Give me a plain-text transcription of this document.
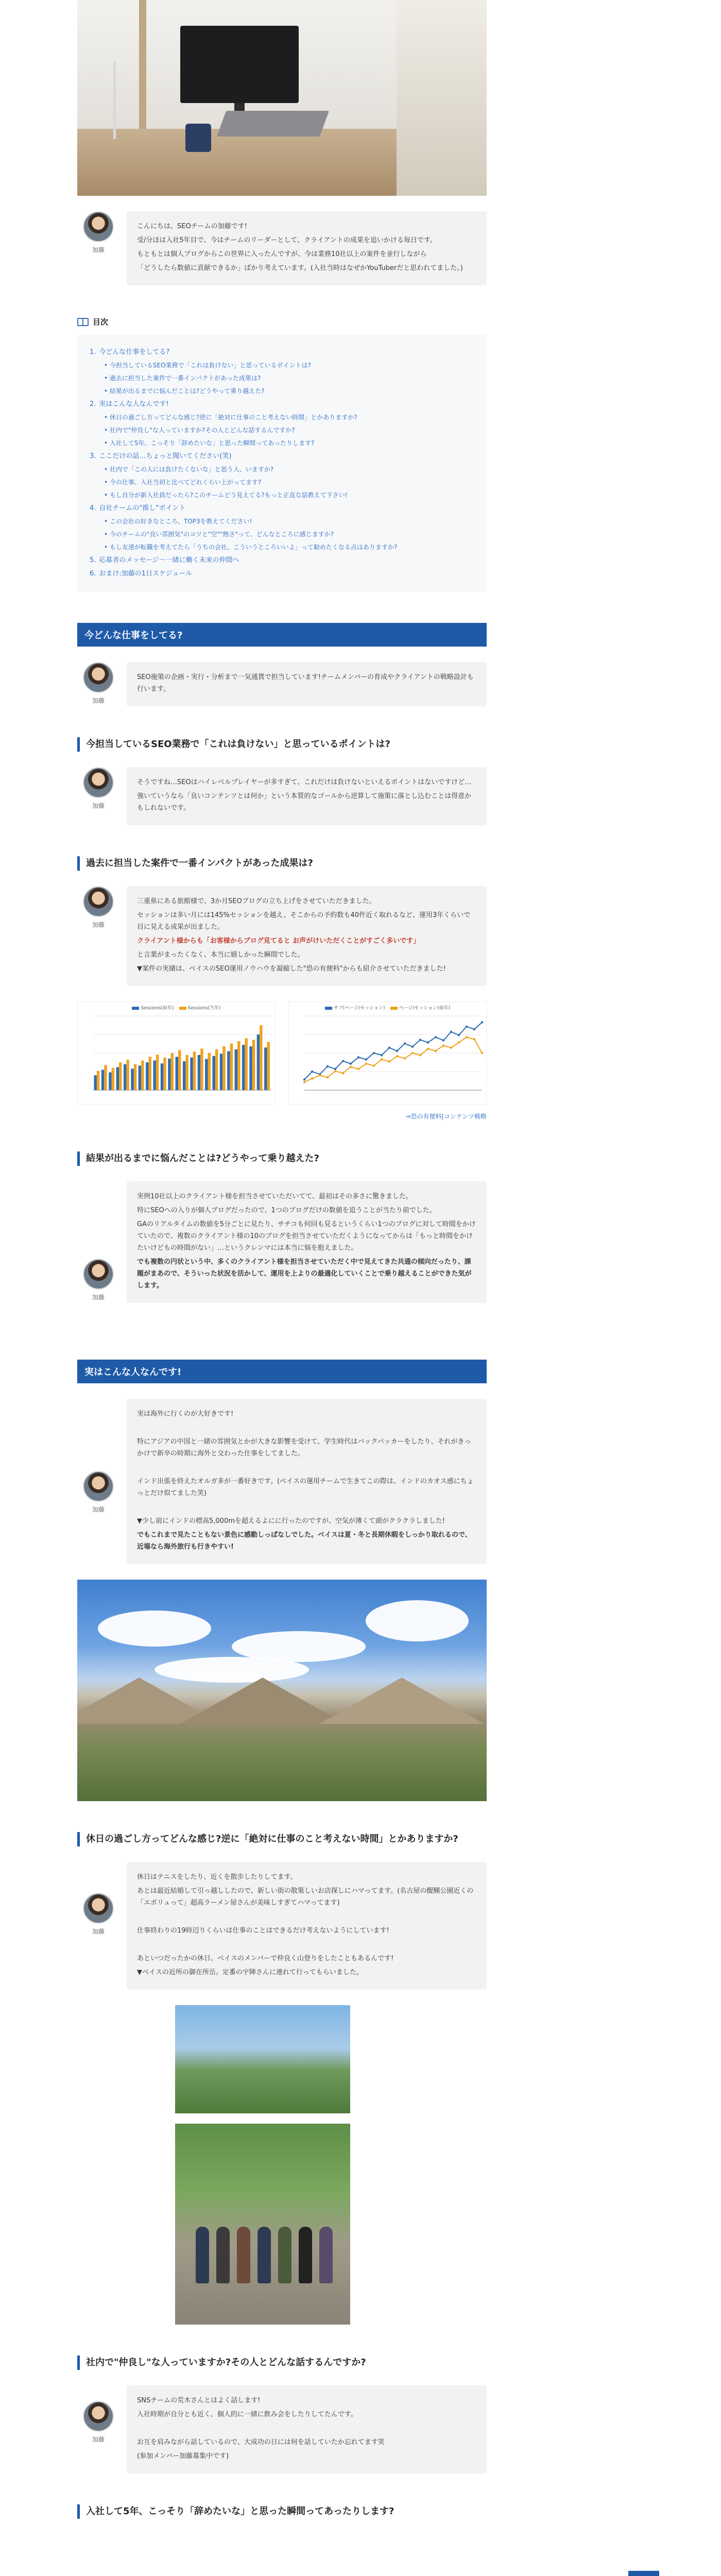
加藤

こんにちは。SEOチームの加藤です!

受/分ほは入社5年目で、今はチームのリーダーとして、クライアントの成果を追いかける毎日です。

もともとは個人ブログからこの世界に入ったんですが、今は業務10社以上の案件を並行しながら

「どうしたら数値に貢献できるか」ばかり考えています。(入社当時はなぜかYouTuberだと思われてました。)

目次
1. 今どんな仕事をしてる?
• 今担当しているSEO業務で「これは負けない」と思っているポイントは?
• 過去に担当した案件で一番インパクトがあった成果は?
• 結果が出るまでに悩んだことは?どうやって乗り越えた?
2. 実はこんな人なんです!
• 休日の過ごし方ってどんな感じ?逆に「絶対に仕事のこと考えない時間」とかありますか?
• 社内で"仲良し"な人っていますか?その人とどんな話するんですか?
• 入社して5年、こっそり「辞めたいな」と思った瞬間ってあったりします?
3. ここだけの話…ちょっと聞いてください(笑)
• 社内で「この人には負けたくないな」と思う人、いますか?
• 今の仕事、入社当初と比べてどれくらい上がってます?
• もし自分が新入社員だったら?このチームどう見えてる?もっと正直な話教えて下さい!
4. 自社チームの"推し"ポイント
• この会社の好きなところ、TOP3を教えてください!
• 今のチームの"良い雰囲気"のコツと"空""熱さ"って、どんなところに感じますか?
• もし友達が転職を考えてたら「うちの会社、こういうところいいよ」って勧めたくなる点はありますか?
5. 応募者のメッセージ〜一緒に働く未来の仲間へ
6. おまけ:加藤の1日スケジュール
今どんな仕事をしてる?
加藤

SEO施策の企画・実行・分析まで一気通貫で担当しています!チームメンバーの育成やクライアントの戦略設計も行います。

今担当しているSEO業務で「これは負けない」と思っているポイントは?
加藤

そうですね…SEOはハイレベルプレイヤーが多すぎて、これだけは負けないといえるポイントはないですけど…

強いていうなら「良いコンテンツとは何か」という本質的なゴールから逆算して施策に落とし込むことは得意かもしれないです。

過去に担当した案件で一番インパクトがあった成果は?
加藤

三重県にある旅館様で、3か月SEOブログの立ち上げをさせていただきました。

セッションは多い月には145%セッションを越え、そこからの予約数も40件近く取れるなど、運用3年くらいで目に見える成果が出ました。

クライアント様からも「お客様からブログ見てると お声がけいただくことがすごく多いです」

と言葉がまったくなく、本当に嬉しかった瞬間でした。

▼案件の実績は、ベイスのSEO運用ノウハウを凝縮した"恐の有便料"からも紹介させていただきました!

Sessions(前年)	Sessions(当年)	サブ(ページ/セッション)	ページ/セッション(前年)
⇒恐の有便料|コンテンツ戦略
結果が出るまでに悩んだことは?どうやって乗り越えた?
加藤

実例10社以上のクライアント様を担当させていただいてて、最初はその多さに驚きました。

特にSEOへの入りが個人ブログだったので、1つのブログだけの数値を追うことが当たり前でした。

GAのリアルタイムの数値を5分ごとに見たり、サチコも何回も見るというくらい1つのブログに対して時間をかけていたので、複数のクライアント様の10のブログを担当させていただくようになってからは「もっと時間をかけたいけどもの時間がない」…というクレンマには本当に悩を抱えました。

でも複数の円状という中、多くのクライアント様を担当させていただく中で見えてきた共通の傾向だったり、課題がまあので、そういった状況を活かして、運用を上よりの最適化していくことで乗り越えることができた気がします。

実はこんな人なんです!
加藤

実は海外に行くのが大好きです!

特にアジアの中国と一緒の雰囲気とかが大きな影響を受けて、学生時代はバックパッカーをしたり、それがきっかけで新卒の時期に海外と交わった仕事をしてました。

インド出張を終えたオルガ多が一番好きです。(ベイスの運用チームで生きてこの際は、インドのカオス感にちょっとだけ似てました笑)

▼少し前にインドの標高5,000mを超えるよにに行ったのですが、空気が薄くて頭がクラクラしました!

でもこれまで見たこともない景色に感動しっぱなしでした。ベイスは夏・冬と長期休暇をしっかり取れるので、近場なら海外旅行も行きやすい!

休日の過ごし方ってどんな感じ?逆に「絶対に仕事のこと考えない時間」とかありますか?
加藤

休日はテニスをしたり、近くを散歩したりしてます。

あとは最近結婚して引っ越ししたので、新しい街の散策しいお店探しにハマってます。(名古屋の醍醐公園近くの「エボリュって」超高ラーメン屋さんが美味しすぎてハマってます)

仕事終わりの19時辺りくらいは仕事のことはできるだけ考えないようにしています!

あといつだったかの休日、ベイスのメンバーで仲良く山登りをしたこともあるんです!

▼ベイスの近所の御在所岳。定番の宇陣さんに連れて行ってもらいました。

社内で"仲良し"な人っていますか?その人とどんな話するんですか?
加藤

SNSチームの荒木さんとはよく話します!

入社時期が自分とも近く、個人的に一緒に飲み会をしたりしてたんです。

お互を肩みながら話しているので、大成功の日には何を話していたか忘れてます笑

(参加メンバー加藤募集中です)

入社して5年、こっそり「辞めたいな」と思った瞬間ってあったりします?
